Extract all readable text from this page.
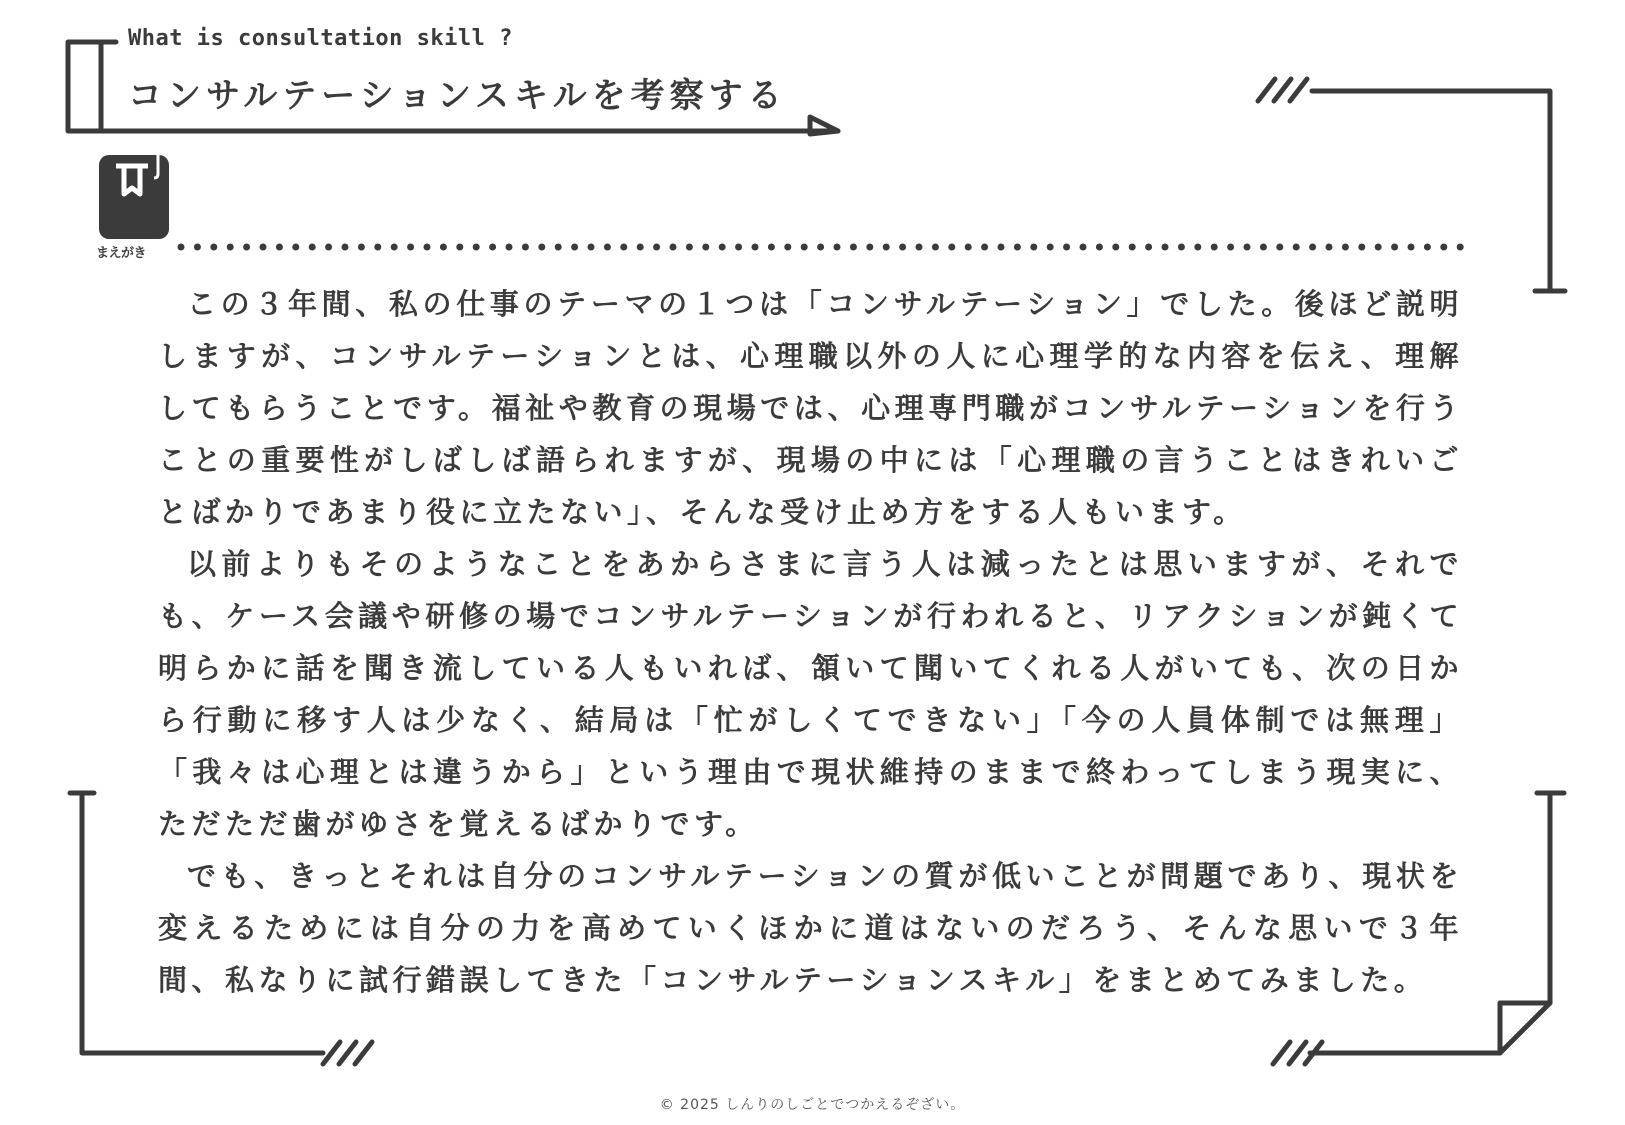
What is consultation skill ?
コンサルテーションスキルを考察する
まえがき

この３年間、私の仕事のテーマの１つは「コンサルテーション」でした。後ほど説明しますが、コンサルテーションとは、心理職以外の人に心理学的な内容を伝え、理解してもらうことです。福祉や教育の現場では、心理専門職がコンサルテーションを行うことの重要性がしばしば語られますが、現場の中には「心理職の言うことはきれいごとばかりであまり役に立たない」、そんな受け止め方をする人もいます。

以前よりもそのようなことをあからさまに言う人は減ったとは思いますが、それでも、ケース会議や研修の場でコンサルテーションが行われると、リアクションが鈍くて明らかに話を聞き流している人もいれば、頷いて聞いてくれる人がいても、次の日から行動に移す人は少なく、結局は「忙がしくてできない」「今の人員体制では無理」「我々は心理とは違うから」という理由で現状維持のままで終わってしまう現実に、ただただ歯がゆさを覚えるばかりです。

でも、きっとそれは自分のコンサルテーションの質が低いことが問題であり、現状を変えるためには自分の力を高めていくほかに道はないのだろう、そんな思いで３年間、私なりに試行錯誤してきた「コンサルテーションスキル」をまとめてみました。

© 2025 しんりのしごとでつかえるぞざい。
